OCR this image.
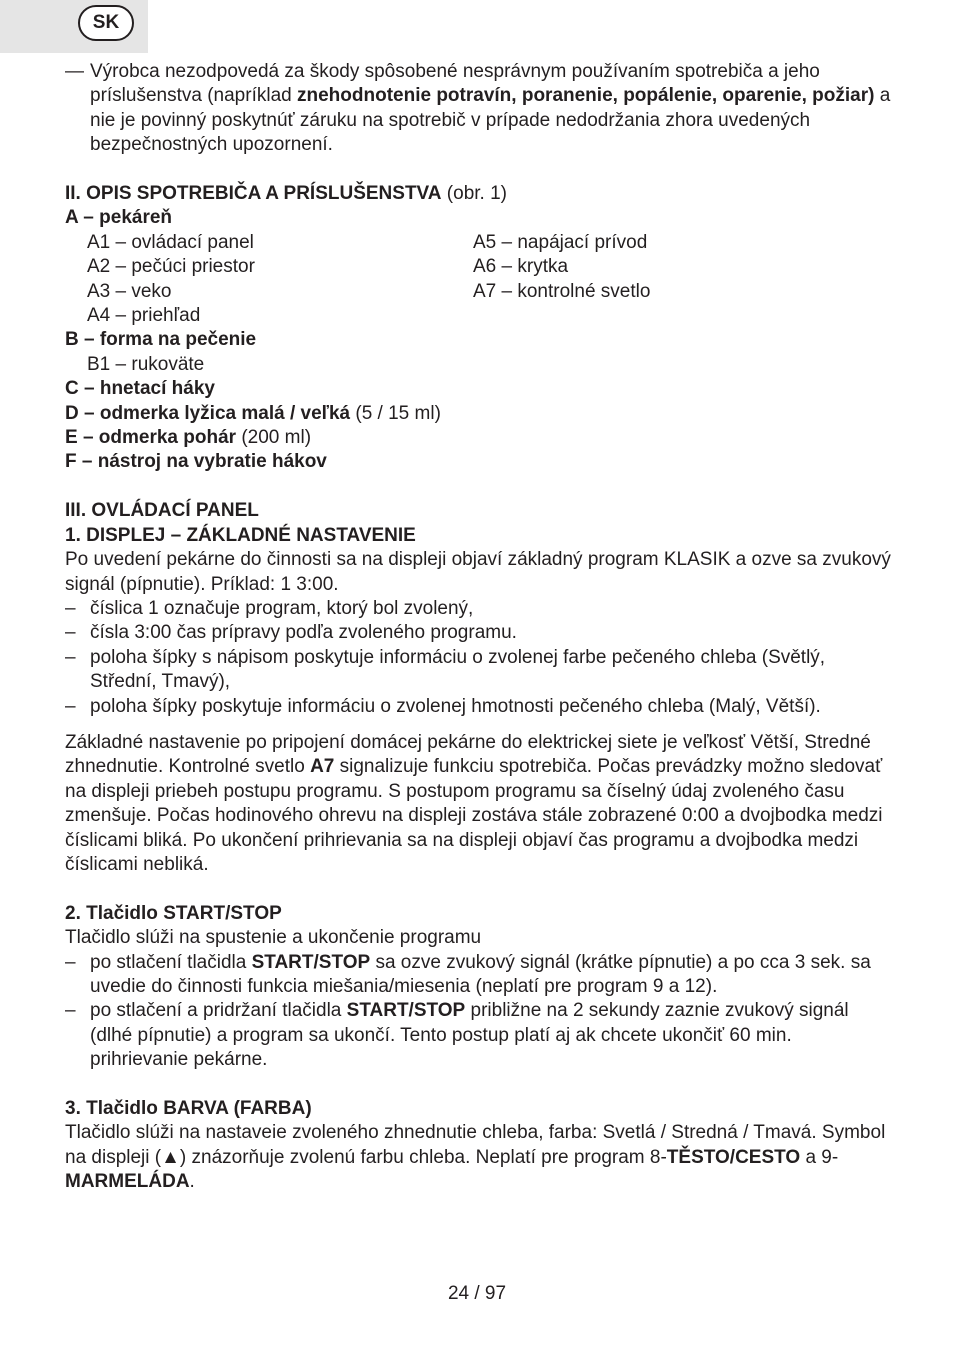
SK
— Výrobca nezodpovedá za škody spôsobené nesprávnym používaním spotrebiča a jeho príslušenstva (napríklad znehodnotenie potravín, poranenie, popálenie, oparenie, požiar) a nie je povinný poskytnúť záruku na spotrebič v prípade nedodržania zhora uvedených bezpečnostných upozornení.

II. OPIS SPOTREBIČA A PRÍSLUŠENSTVA (obr. 1)

A – pekáreň

A1 – ovládací panel

A2 – pečúci priestor

A3 – veko

A4 – priehľad

A5 – napájací prívod

A6 – krytka

A7 – kontrolné svetlo

B – forma na pečenie

B1 – rukoväte

C – hnetací háky

D – odmerka lyžica malá / veľká (5 / 15 ml)

E – odmerka pohár (200 ml)

F – nástroj na vybratie hákov

III. OVLÁDACÍ PANEL

1. DISPLEJ – ZÁKLADNÉ NASTAVENIE

Po uvedení pekárne do činnosti sa na displeji objaví základný program KLASIK a ozve sa zvukový signál (pípnutie). Príklad: 1 3:00.

– číslica 1 označuje program, ktorý bol zvolený,
– čísla 3:00 čas prípravy podľa zvoleného programu.
– poloha šípky s nápisom poskytuje informáciu o zvolenej farbe pečeného chleba (Světlý, Střední, Tmavý),
– poloha šípky poskytuje informáciu o zvolenej hmotnosti pečeného chleba (Malý, Větší).

Základné nastavenie po pripojení domácej pekárne do elektrickej siete je veľkosť Větší, Stredné zhnednutie. Kontrolné svetlo A7 signalizuje funkciu spotrebiča. Počas prevádzky možno sledovať na displeji priebeh postupu programu. S postupom programu sa číselný údaj zvoleného času zmenšuje. Počas hodinového ohrevu na displeji zostáva stále zobrazené 0:00 a dvojbodka medzi číslicami bliká. Po ukončení prihrievania sa na displeji objaví čas programu a dvojbodka medzi číslicami nebliká.

2. Tlačidlo START/STOP

Tlačidlo slúži na spustenie a ukončenie programu

– po stlačení tlačidla START/STOP sa ozve zvukový signál (krátke pípnutie) a po cca 3 sek. sa uvedie do činnosti funkcia miešania/miesenia (neplatí pre program 9 a 12).
– po stlačení a pridržaní tlačidla START/STOP približne na 2 sekundy zaznie zvukový signál (dlhé pípnutie) a program sa ukončí. Tento postup platí aj ak chcete ukončiť 60 min. prihrievanie pekárne.

3. Tlačidlo BARVA (FARBA)

Tlačidlo slúži na nastaveie zvoleného zhnednutie chleba, farba: Svetlá / Stredná / Tmavá. Symbol na displeji (▲) znázorňuje zvolenú farbu chleba. Neplatí pre program 8-TĚSTO/CESTO a 9-MARMELÁDA.

24 / 97
